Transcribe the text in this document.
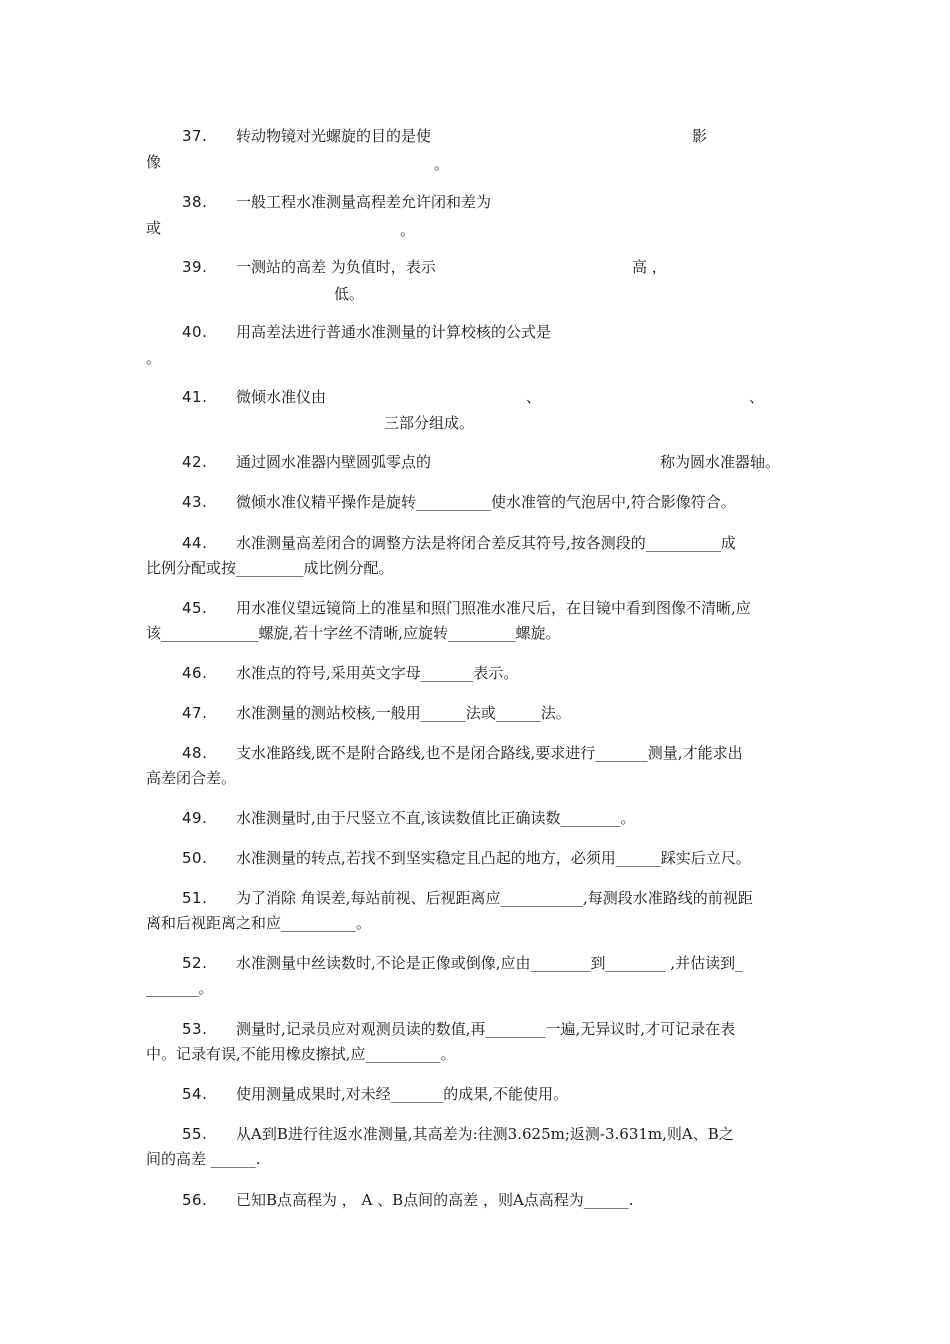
37. 转动物镜对光螺旋的目的是使	影
像	。
38. 一般工程水准测量高程差允许闭和差为
或	。
39. 一测站的高差 为负值时，表示	高 ，
低。
40. 用高差法进行普通水准测量的计算校核的公式是
。
41. 微倾水准仪由	、	、
三部分组成。
42. 通过圆水准器内壁圆弧零点的	称为圆水准器轴。
43. 微倾水准仪精平操作是旋转__________使水准管的气泡居中,符合影像符合。
44. 水准测量高差闭合的调整方法是将闭合差反其符号,按各测段的__________成
比例分配或按_________成比例分配。
45. 用水准仪望远镜筒上的准星和照门照准水准尺后，在目镜中看到图像不清晰,应
该_____________螺旋,若十字丝不清晰,应旋转_________螺旋。
46. 水准点的符号,采用英文字母_______表示。
47. 水准测量的测站校核,一般用______法或______法。
48. 支水准路线,既不是附合路线,也不是闭合路线,要求进行_______测量,才能求出
高差闭合差。
49. 水准测量时,由于尺竖立不直,该读数值比正确读数________。
50. 水准测量的转点,若找不到坚实稳定且凸起的地方，必须用______踩实后立尺。
51. 为了消除 角误差,每站前视、后视距离应___________,每测段水准路线的前视距
离和后视距离之和应__________。
52. 水准测量中丝读数时,不论是正像或倒像,应由________到________ ,并估读到_
_______。
53. 测量时,记录员应对观测员读的数值,再________一遍,无异议时,才可记录在表
中。记录有误,不能用橡皮擦拭,应__________。
54. 使用测量成果时,对未经_______的成果,不能使用。
55. 从A到B进行往返水准测量,其高差为:往测3.625m;返测-3.631m,则A、B之
间的高差 ______.
56. 已知B点高程为 ， A 、B点间的高差 ，则A点高程为______.
